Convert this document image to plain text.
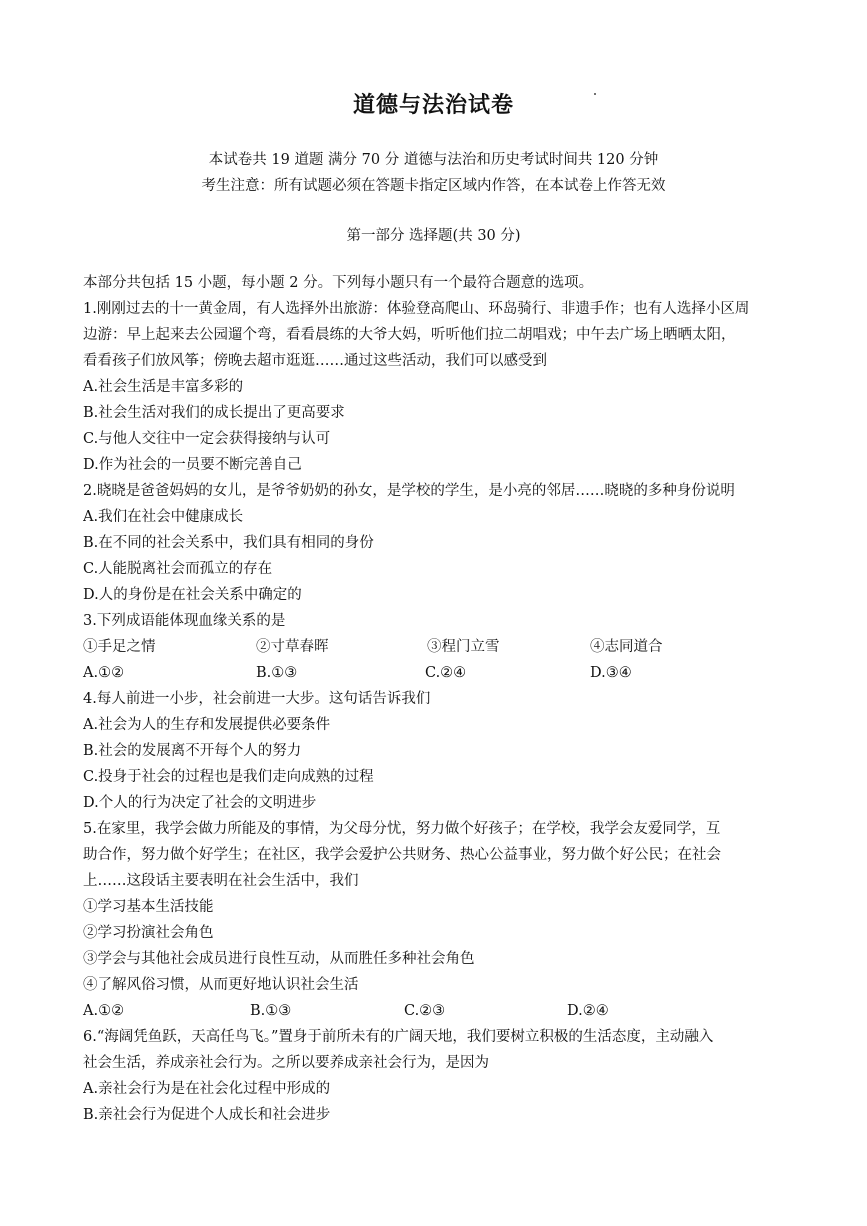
道德与法治试卷
本试卷共 19 道题 满分 70 分 道德与法治和历史考试时间共 120 分钟
考生注意：所有试题必须在答题卡指定区域内作答，在本试卷上作答无效
第一部分 选择题(共 30 分)
本部分共包括 15 小题，每小题 2 分。下列每小题只有一个最符合题意的选项。
1.刚刚过去的十一黄金周，有人选择外出旅游：体验登高爬山、环岛骑行、非遗手作；也有人选择小区周
边游：早上起来去公园遛个弯，看看晨练的大爷大妈，听听他们拉二胡唱戏；中午去广场上晒晒太阳，
看看孩子们放风筝；傍晚去超市逛逛……通过这些活动，我们可以感受到
A.社会生活是丰富多彩的
B.社会生活对我们的成长提出了更高要求
C.与他人交往中一定会获得接纳与认可
D.作为社会的一员要不断完善自己
2.晓晓是爸爸妈妈的女儿，是爷爷奶奶的孙女，是学校的学生，是小亮的邻居……晓晓的多种身份说明
A.我们在社会中健康成长
B.在不同的社会关系中，我们具有相同的身份
C.人能脱离社会而孤立的存在
D.人的身份是在社会关系中确定的
3.下列成语能体现血缘关系的是
①手足之情	②寸草春晖	③程门立雪	④志同道合
A.①②	B.①③	C.②④	D.③④
4.每人前进一小步，社会前进一大步。这句话告诉我们
A.社会为人的生存和发展提供必要条件
B.社会的发展离不开每个人的努力
C.投身于社会的过程也是我们走向成熟的过程
D.个人的行为决定了社会的文明进步
5.在家里，我学会做力所能及的事情，为父母分忧，努力做个好孩子；在学校，我学会友爱同学，互
助合作，努力做个好学生；在社区，我学会爱护公共财务、热心公益事业，努力做个好公民；在社会
上……这段话主要表明在社会生活中，我们
①学习基本生活技能
②学习扮演社会角色
③学会与其他社会成员进行良性互动，从而胜任多种社会角色
④了解风俗习惯，从而更好地认识社会生活
A.①②	B.①③	C.②③	D.②④
6.“海阔凭鱼跃，天高任鸟飞。”置身于前所未有的广阔天地，我们要树立积极的生活态度，主动融入
社会生活，养成亲社会行为。之所以要养成亲社会行为，是因为
A.亲社会行为是在社会化过程中形成的
B.亲社会行为促进个人成长和社会进步
